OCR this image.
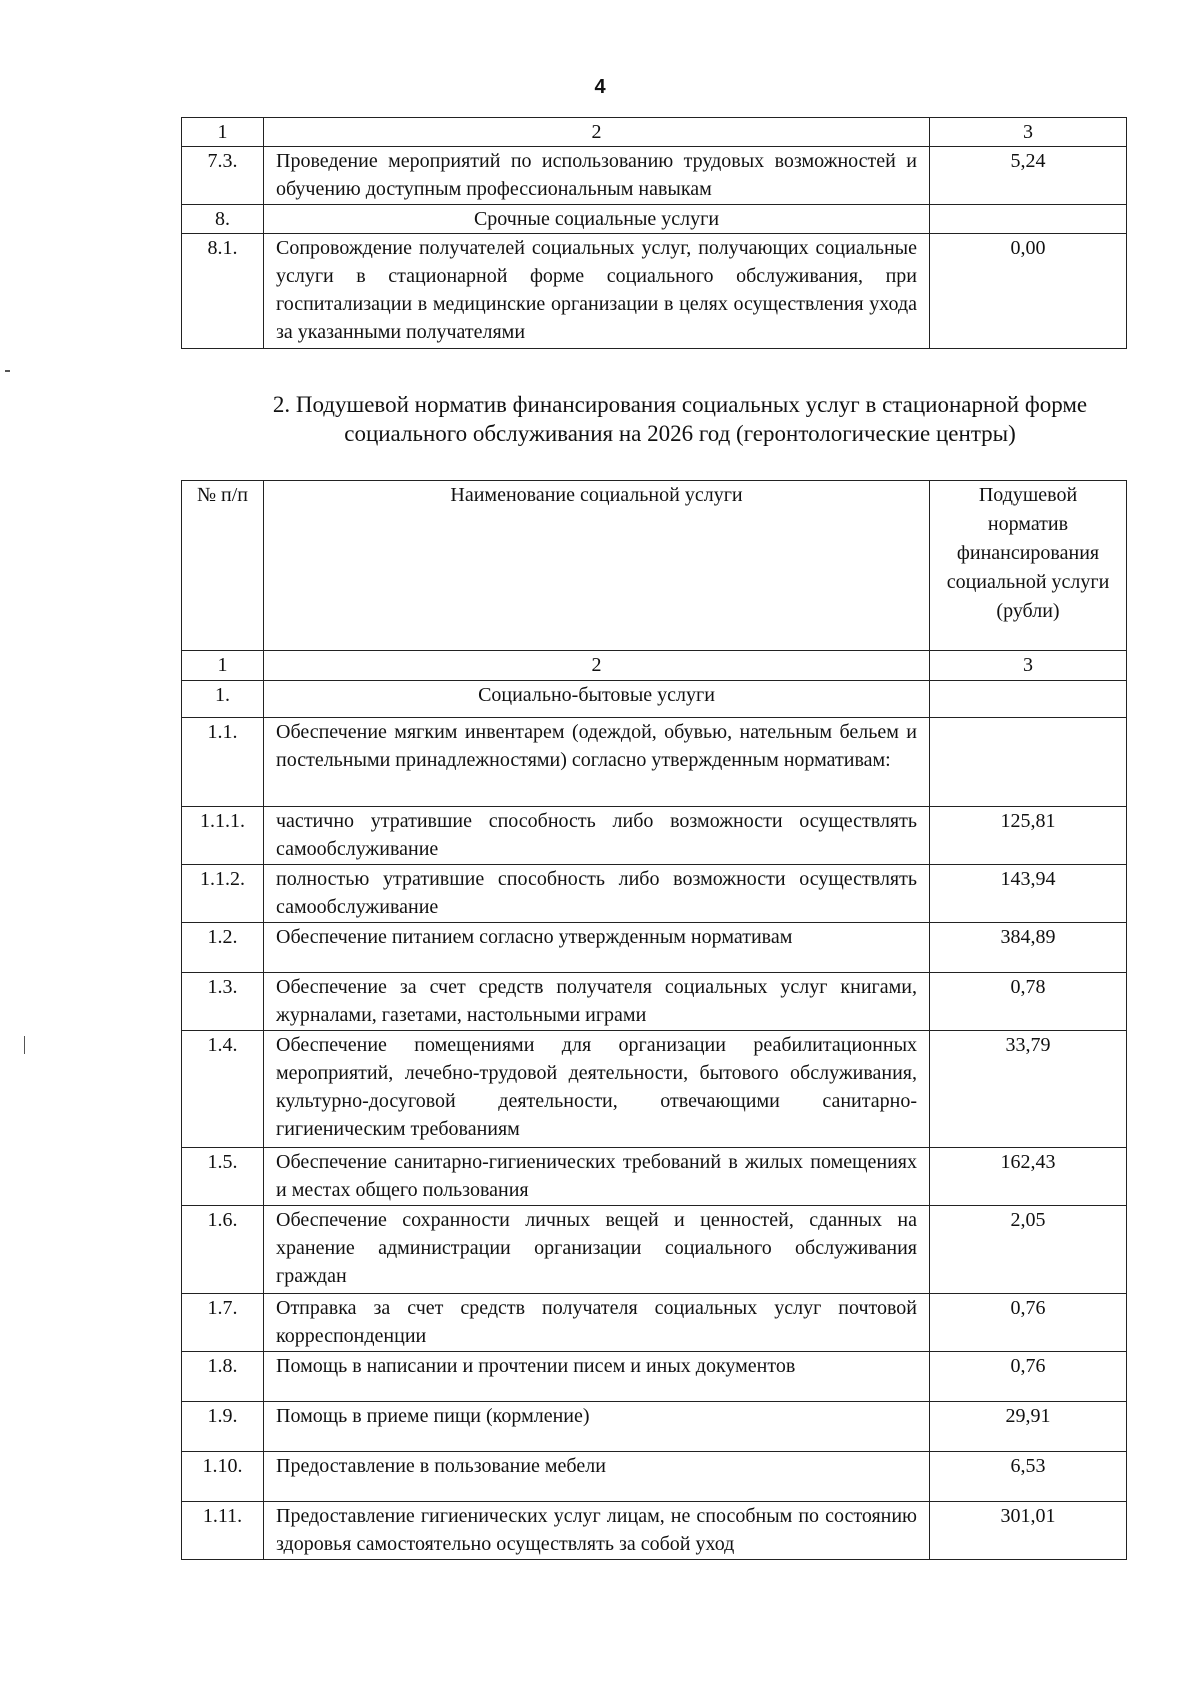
4
1	2	3
7.3.	Проведение мероприятий по использованию трудовых возможностей и обучению доступным профессиональным навыкам	5,24
8.	Срочные социальные услуги	
8.1.	Сопровождение получателей социальных услуг, получающих социальные услуги в стационарной форме социального обслуживания, при госпитализации в медицинские организации в целях осуществления ухода за указанными получателями	0,00
2. Подушевой норматив финансирования социальных услуг в стационарной форме социального обслуживания на 2026 год (геронтологические центры)
№ п/п	Наименование социальной услуги	Подушевой норматив финансирования социальной услуги (рубли)
1	2	3
1.	Социально-бытовые услуги	
1.1.	Обеспечение мягким инвентарем (одеждой, обувью, нательным бельем и постельными принадлежностями) согласно утвержденным нормативам:	
1.1.1.	частично утратившие способность либо возможности осуществлять самообслуживание	125,81
1.1.2.	полностью утратившие способность либо возможности осуществлять самообслуживание	143,94
1.2.	Обеспечение питанием согласно утвержденным нормативам	384,89
1.3.	Обеспечение за счет средств получателя социальных услуг книгами, журналами, газетами, настольными играми	0,78
1.4.	Обеспечение помещениями для организации реабилитационных мероприятий, лечебно-трудовой деятельности, бытового обслуживания, культурно-досуговой деятельности, отвечающими санитарно-гигиеническим требованиям	33,79
1.5.	Обеспечение санитарно-гигиенических требований в жилых помещениях и местах общего пользования	162,43
1.6.	Обеспечение сохранности личных вещей и ценностей, сданных на хранение администрации организации социального обслуживания граждан	2,05
1.7.	Отправка за счет средств получателя социальных услуг почтовой корреспонденции	0,76
1.8.	Помощь в написании и прочтении писем и иных документов	0,76
1.9.	Помощь в приеме пищи (кормление)	29,91
1.10.	Предоставление в пользование мебели	6,53
1.11.	Предоставление гигиенических услуг лицам, не способным по состоянию здоровья самостоятельно осуществлять за собой уход	301,01
